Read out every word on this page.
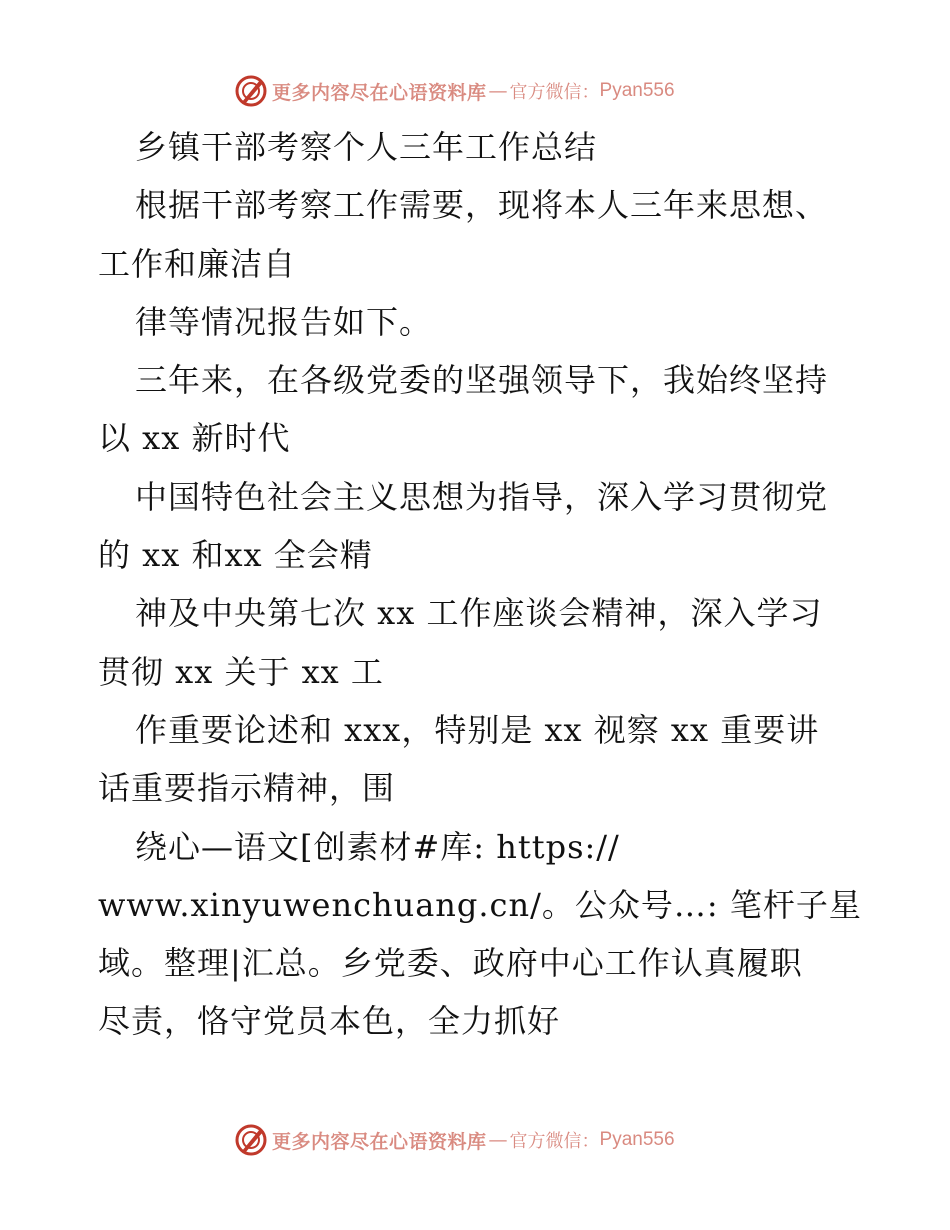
更多内容尽在心语资料库 — 官方微信： Pyan556
乡镇干部考察个人三年工作总结
根据干部考察工作需要，现将本人三年来思想、
工作和廉洁自
律等情况报告如下。
三年来，在各级党委的坚强领导下，我始终坚持
以 xx 新时代
中国特色社会主义思想为指导，深入学习贯彻党
的 xx 和xx 全会精
神及中央第七次 xx 工作座谈会精神，深入学习
贯彻 xx 关于 xx 工
作重要论述和 xxx，特别是 xx 视察 xx 重要讲
话重要指示精神，围
绕心—语文[创素材#库: https://
www.xinyuwenchuang.cn/。公众号…: 笔杆子星
域。整理|汇总。乡党委、政府中心工作认真履职
尽责，恪守党员本色，全力抓好
更多内容尽在心语资料库 — 官方微信： Pyan556
